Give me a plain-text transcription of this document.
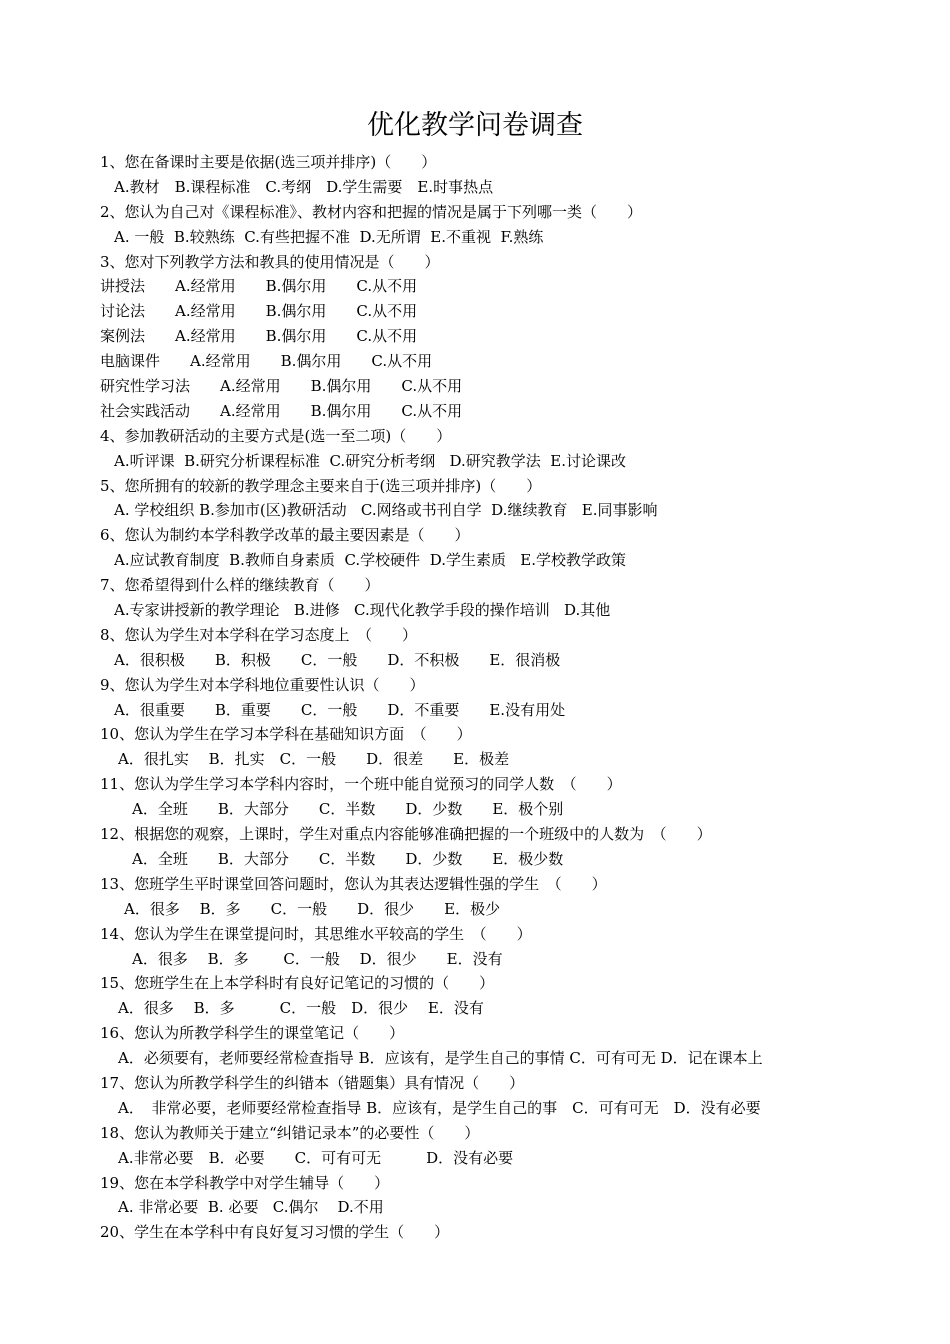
优化教学问卷调查
1、您在备课时主要是依据(选三项并排序)（　　）
A.教材　B.课程标准　C.考纲　D.学生需要　E.时事热点
2、您认为自己对《课程标准》、教材内容和把握的情况是属于下列哪一类（　　）
A. 一般  B.较熟练  C.有些把握不准  D.无所谓  E.不重视  F.熟练
3、您对下列教学方法和教具的使用情况是（　　）
讲授法　　A.经常用　　B.偶尔用　　C.从不用
讨论法　　A.经常用　　B.偶尔用　　C.从不用
案例法　　A.经常用　　B.偶尔用　　C.从不用
电脑课件　　A.经常用　　B.偶尔用　　C.从不用
研究性学习法　　A.经常用　　B.偶尔用　　C.从不用
社会实践活动　　A.经常用　　B.偶尔用　　C.从不用
4、参加教研活动的主要方式是(选一至二项)（　　）
A.听评课  B.研究分析课程标准  C.研究分析考纲   D.研究教学法  E.讨论课改
5、您所拥有的较新的教学理念主要来自于(选三项并排序)（　　）
A. 学校组织 B.参加市(区)教研活动   C.网络或书刊自学  D.继续教育   E.同事影响
6、您认为制约本学科教学改革的最主要因素是（　　）
A.应试教育制度  B.教师自身素质  C.学校硬件  D.学生素质   E.学校教学政策
7、您希望得到什么样的继续教育（　　）
A.专家讲授新的教学理论   B.进修   C.现代化教学手段的操作培训   D.其他
8、您认为学生对本学科在学习态度上　（　　）
A．很积极　　B．积极　　C．一般　　D．不积极　　E．很消极
9、您认为学生对本学科地位重要性认识（　　）
A．很重要　　B．重要　　C．一般　　D．不重要　　E.没有用处
10、您认为学生在学习本学科在基础知识方面　（　　）
A．很扎实　 B．扎实　C．一般　　D．很差　　E．极差
11、您认为学生学习本学科内容时，一个班中能自觉预习的同学人数　（　　）
A．全班　　B．大部分　　C．半数　　D．少数　　E．极个别
12、根据您的观察，上课时，学生对重点内容能够准确把握的一个班级中的人数为　（　　）
A．全班　　B．大部分　　C．半数　　D．少数　　E．极少数
13、您班学生平时课堂回答问题时，您认为其表达逻辑性强的学生　（　　）
A．很多　 B．多　　C．一般　　D．很少　　E．极少
14、您认为学生在课堂提问时，其思维水平较高的学生　（　　）
A．很多　 B．多　　 C．一般　 D．很少　　E．没有
15、您班学生在上本学科时有良好记笔记的习惯的（　　）
A．很多　 B．多　　　C．一般　D．很少　 E．没有
16、您认为所教学科学生的课堂笔记（　　）
A．必须要有，老师要经常检查指导 B．应该有，是学生自己的事情 C．可有可无 D．记在课本上
17、您认为所教学科学生的纠错本（错题集）具有情况（　　）
A．　非常必要，老师要经常检查指导 B．应该有，是学生自己的事　C．可有可无　D．没有必要
18、您认为教师关于建立“纠错记录本”的必要性（　　）
A.非常必要　B．必要　　C．可有可无　　　D．没有必要
19、您在本学科教学中对学生辅导（　　）
A. 非常必要  B. 必要   C.偶尔    D.不用
20、学生在本学科中有良好复习习惯的学生（　　）
